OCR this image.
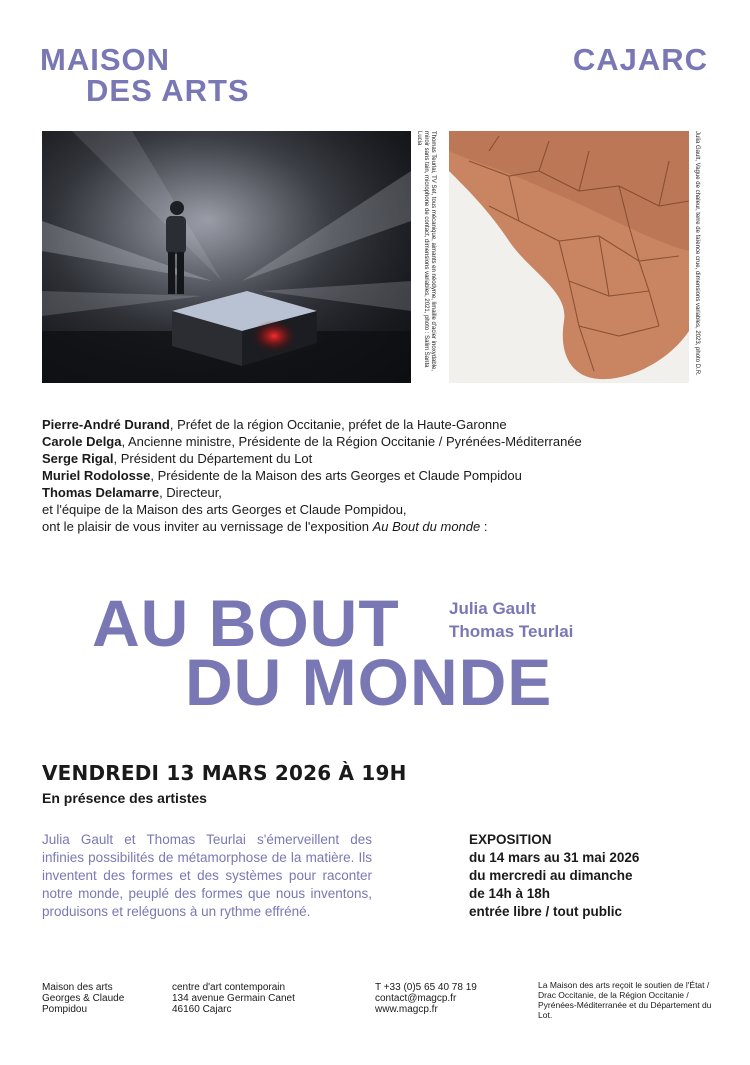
MAISON
DES ARTS
CAJARC
Thomas Teurlai, TV Set, tous mécanique, aimants en néodyme, limaille d'acier inoxydable, miroir sans tain, microphone de contact, dimensions variables, 2021, photo : Salim Santa Lucia	Julia Gault, Vague de chaleur, terre de faïence crue, dimensions variables, 2023, photo D.R.

Pierre-André Durand, Préfet de la région Occitanie, préfet de la Haute-Garonne

Carole Delga, Ancienne ministre, Présidente de la Région Occitanie / Pyrénées-Méditerranée

Serge Rigal, Président du Département du Lot

Muriel Rodolosse, Présidente de la Maison des arts Georges et Claude Pompidou

Thomas Delamarre, Directeur,

et l'équipe de la Maison des arts Georges et Claude Pompidou,

ont le plaisir de vous inviter au vernissage de l'exposition Au Bout du monde :

AU BOUT
DU MONDE
Julia Gault
Thomas Teurlai
VENDREDI 13 MARS 2026 À 19H
En présence des artistes
Julia Gault et Thomas Teurlai s'émerveillent des infinies possibilités de métamorphose de la matière. Ils inventent des formes et des systèmes pour raconter notre monde, peuplé des formes que nous inventons, produisons et reléguons à un rythme effréné.
EXPOSITION
du 14 mars au 31 mai 2026
du mercredi au dimanche
de 14h à 18h
entrée libre / tout public
Maison des arts
Georges & Claude
Pompidou
centre d'art contemporain
134 avenue Germain Canet
46160 Cajarc
T +33 (0)5 65 40 78 19
contact@magcp.fr
www.magcp.fr
La Maison des arts reçoit le soutien de l'État / Drac Occitanie, de la Région Occitanie / Pyrénées-Méditerranée et du Département du Lot.
